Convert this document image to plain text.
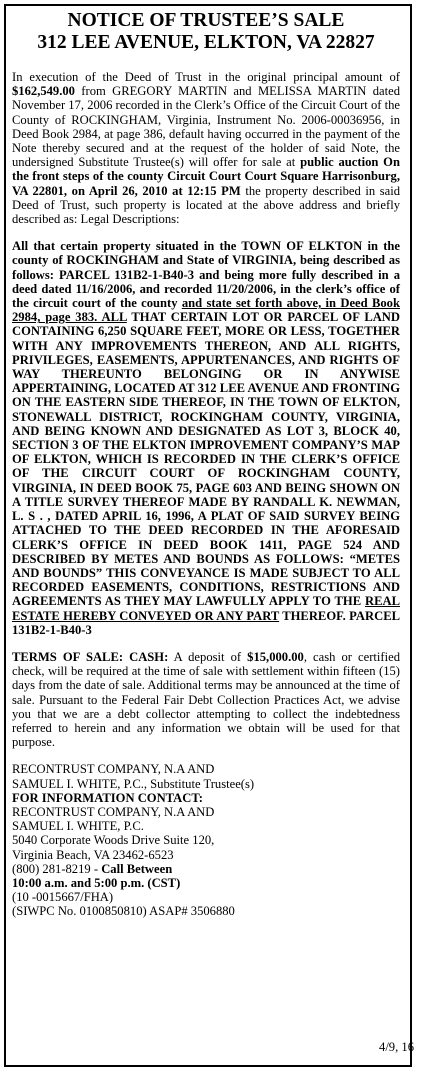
NOTICE OF TRUSTEE’S SALE
312 LEE AVENUE, ELKTON, VA 22827

In execution of the Deed of Trust in the original principal amount of $162,549.00 from GREGORY MARTIN and MELISSA MARTIN dated November 17, 2006 recorded in the Clerk’s Office of the Circuit Court of the County of ROCKINGHAM, Virginia, Instrument No. 2006-00036956, in Deed Book 2984, at page 386, default having occurred in the payment of the Note thereby secured and at the request of the holder of said Note, the undersigned Substitute Trustee(s) will offer for sale at public auction On the front steps of the county Circuit Court Court Square Harrisonburg, VA 22801, on April 26, 2010 at 12:15 PM the property described in said Deed of Trust, such property is located at the above address and briefly described as: Legal Descriptions:

All that certain property situated in the TOWN OF ELKTON in the county of ROCKINGHAM and State of VIRGINIA, being described as follows: PARCEL 131B2-1-B40-3 and being more fully described in a deed dated 11/16/2006, and recorded 11/20/2006, in the clerk’s office of the circuit court of the county and state set forth above, in Deed Book 2984, page 383. ALL THAT CERTAIN LOT OR PARCEL OF LAND CONTAINING 6,250 SQUARE FEET, MORE OR LESS, TOGETHER WITH ANY IMPROVEMENTS THEREON, AND ALL RIGHTS, PRIVILEGES, EASEMENTS, APPURTENANCES, AND RIGHTS OF WAY THEREUNTO BELONGING OR IN ANYWISE APPERTAINING, LOCATED AT 312 LEE AVENUE AND FRONTING ON THE EASTERN SIDE THEREOF, IN THE TOWN OF ELKTON, STONEWALL DISTRICT, ROCKINGHAM COUNTY, VIRGINIA, AND BEING KNOWN AND DESIGNATED AS LOT 3, BLOCK 40, SECTION 3 OF THE ELKTON IMPROVEMENT COMPANY’S MAP OF ELKTON, WHICH IS RECORDED IN THE CLERK’S OFFICE OF THE CIRCUIT COURT OF ROCKINGHAM COUNTY, VIRGINIA, IN DEED BOOK 75, PAGE 603 AND BEING SHOWN ON A TITLE SURVEY THEREOF MADE BY RANDALL K. NEWMAN, L. S . , DATED APRIL 16, 1996, A PLAT OF SAID SURVEY BEING ATTACHED TO THE DEED RECORDED IN THE AFORESAID CLERK’S OFFICE IN DEED BOOK 1411, PAGE 524 AND DESCRIBED BY METES AND BOUNDS AS FOLLOWS: “METES AND BOUNDS” THIS CONVEYANCE IS MADE SUBJECT TO ALL RECORDED EASEMENTS, CONDITIONS, RESTRICTIONS AND AGREEMENTS AS THEY MAY LAWFULLY APPLY TO THE REAL ESTATE HEREBY CONVEYED OR ANY PART THEREOF. PARCEL 131B2-1-B40-3

TERMS OF SALE: CASH: A deposit of $15,000.00, cash or certified check, will be required at the time of sale with settlement within fifteen (15) days from the date of sale. Additional terms may be announced at the time of sale. Pursuant to the Federal Fair Debt Collection Practices Act, we advise you that we are a debt collector attempting to collect the indebtedness referred to herein and any information we obtain will be used for that purpose.

RECONTRUST COMPANY, N.A AND
SAMUEL I. WHITE, P.C., Substitute Trustee(s)
FOR INFORMATION CONTACT:
RECONTRUST COMPANY, N.A AND
SAMUEL I. WHITE, P.C.
5040 Corporate Woods Drive Suite 120,
Virginia Beach, VA 23462-6523
(800) 281-8219 - Call Between
10:00 a.m. and 5:00 p.m. (CST)
(10 -0015667/FHA)
(SIWPC No. 0100850810) ASAP# 3506880
4/9, 16
